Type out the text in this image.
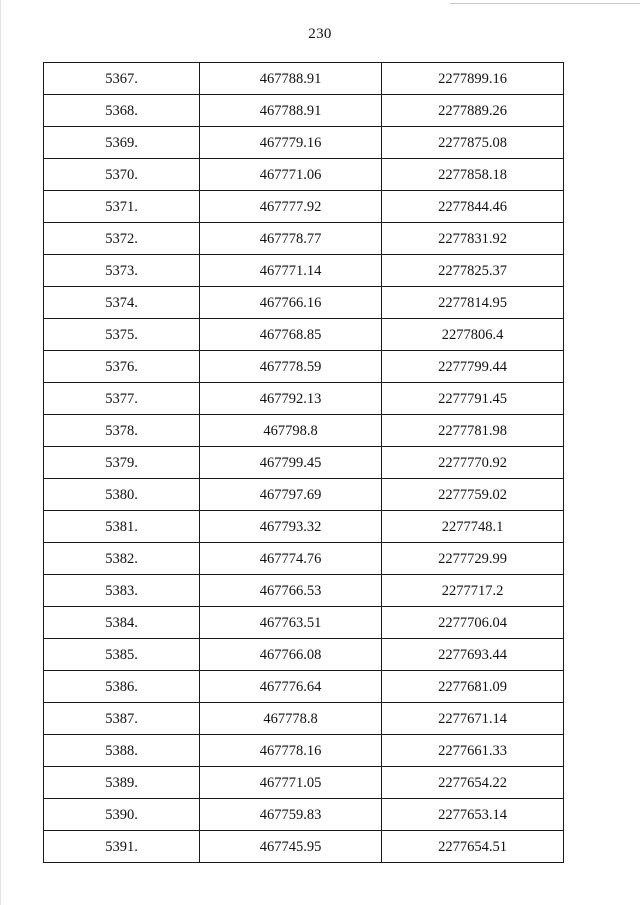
230
5367.	467788.91	2277899.16
5368.	467788.91	2277889.26
5369.	467779.16	2277875.08
5370.	467771.06	2277858.18
5371.	467777.92	2277844.46
5372.	467778.77	2277831.92
5373.	467771.14	2277825.37
5374.	467766.16	2277814.95
5375.	467768.85	2277806.4
5376.	467778.59	2277799.44
5377.	467792.13	2277791.45
5378.	467798.8	2277781.98
5379.	467799.45	2277770.92
5380.	467797.69	2277759.02
5381.	467793.32	2277748.1
5382.	467774.76	2277729.99
5383.	467766.53	2277717.2
5384.	467763.51	2277706.04
5385.	467766.08	2277693.44
5386.	467776.64	2277681.09
5387.	467778.8	2277671.14
5388.	467778.16	2277661.33
5389.	467771.05	2277654.22
5390.	467759.83	2277653.14
5391.	467745.95	2277654.51
